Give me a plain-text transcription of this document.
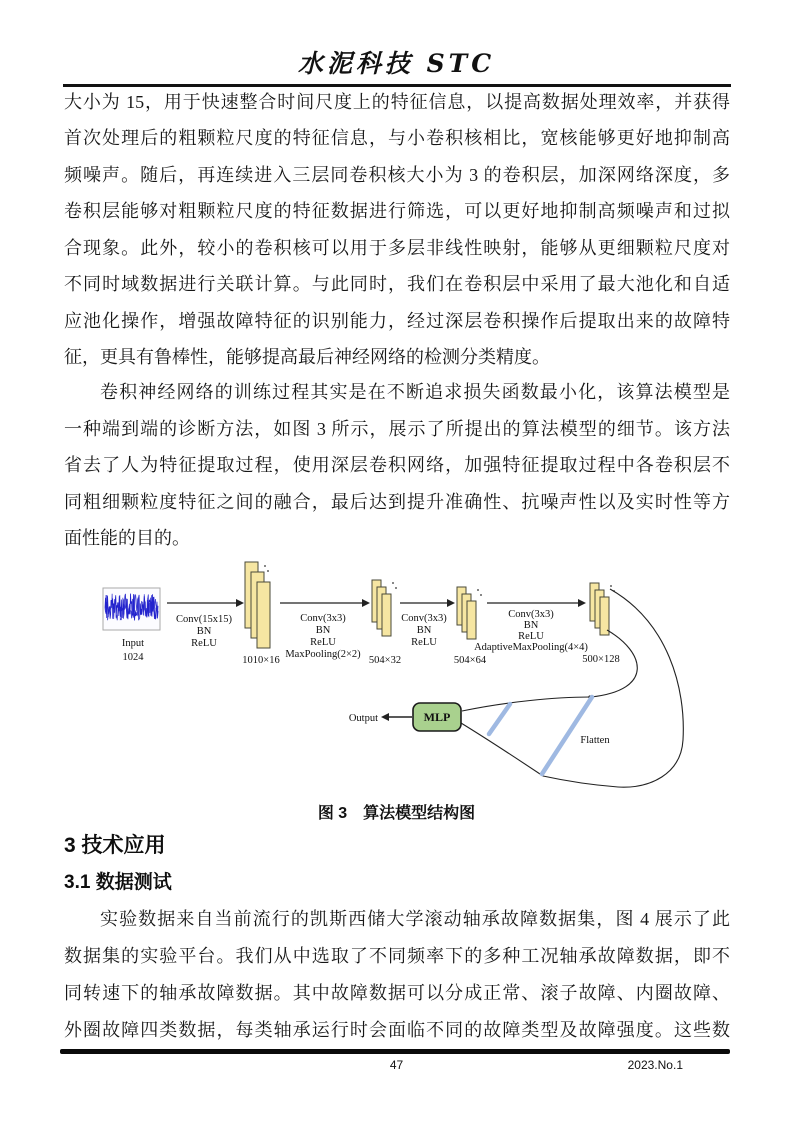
水泥科技 STC
大小为 15，用于快速整合时间尺度上的特征信息，以提高数据处理效率，并获得
首次处理后的粗颗粒尺度的特征信息，与小卷积核相比，宽核能够更好地抑制高
频噪声。随后，再连续进入三层同卷积核大小为 3 的卷积层，加深网络深度，多
卷积层能够对粗颗粒尺度的特征数据进行筛选，可以更好地抑制高频噪声和过拟
合现象。此外，较小的卷积核可以用于多层非线性映射，能够从更细颗粒尺度对
不同时域数据进行关联计算。与此同时，我们在卷积层中采用了最大池化和自适
应池化操作，增强故障特征的识别能力，经过深层卷积操作后提取出来的故障特
征，更具有鲁棒性，能够提高最后神经网络的检测分类精度。
卷积神经网络的训练过程其实是在不断追求损失函数最小化，该算法模型是
一种端到端的诊断方法，如图 3 所示，展示了所提出的算法模型的细节。该方法
省去了人为特征提取过程，使用深层卷积网络，加强特征提取过程中各卷积层不
同粗细颗粒度特征之间的融合，最后达到提升准确性、抗噪声性以及实时性等方
面性能的目的。
Input
1024
Conv(15x15)
BN
ReLU
1010×16
Conv(3x3)
BN
ReLU
MaxPooling(2×2)
504×32
Conv(3x3)
BN
ReLU
504×64
Conv(3x3)
BN
ReLU
AdaptiveMaxPooling(4×4)
500×128
Flatten
MLP
Output
图 3　算法模型结构图
3 技术应用
3.1 数据测试
实验数据来自当前流行的凯斯西储大学滚动轴承故障数据集，图 4 展示了此
数据集的实验平台。我们从中选取了不同频率下的多种工况轴承故障数据，即不
同转速下的轴承故障数据。其中故障数据可以分成正常、滚子故障、内圈故障、
外圈故障四类数据，每类轴承运行时会面临不同的故障类型及故障强度。这些数
47	2023.No.1
